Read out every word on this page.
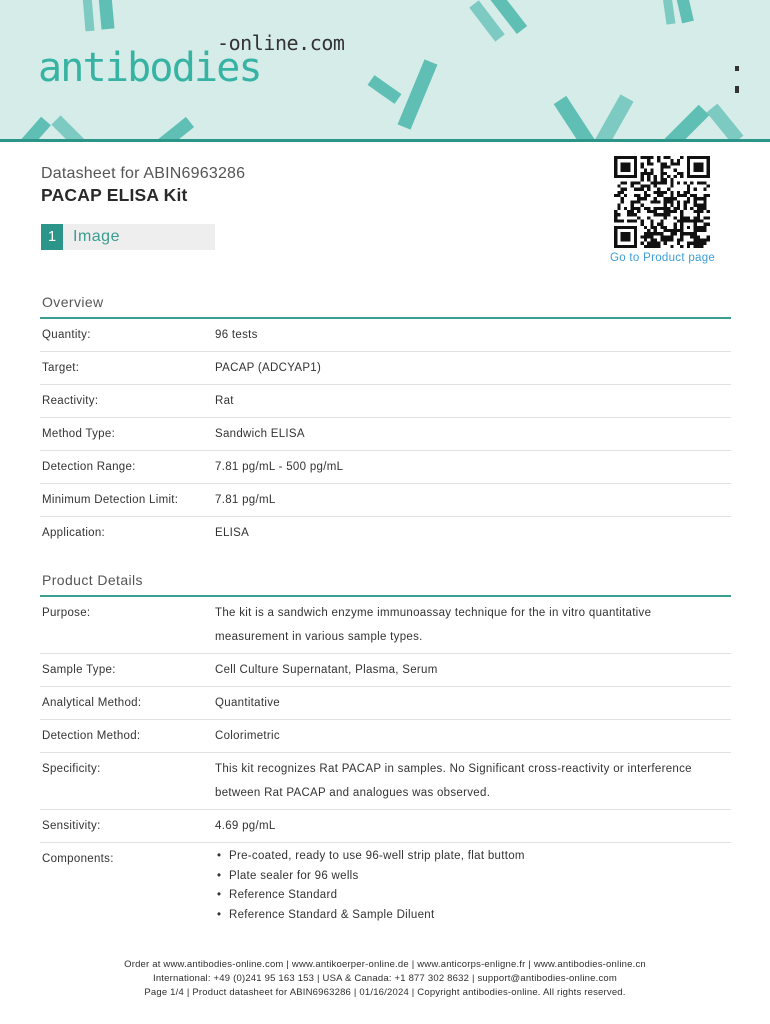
antibodies
-online.com
Datasheet for ABIN6963286
PACAP ELISA Kit
1	Image
Go to Product page
Overview
Quantity:	96 tests
Target:	PACAP (ADCYAP1)
Reactivity:	Rat
Method Type:	Sandwich ELISA
Detection Range:	7.81 pg/mL - 500 pg/mL
Minimum Detection Limit:	7.81 pg/mL
Application:	ELISA
Product Details
Purpose:	The kit is a sandwich enzyme immunoassay technique for the in vitro quantitative measurement in various sample types.
Sample Type:	Cell Culture Supernatant, Plasma, Serum
Analytical Method:	Quantitative
Detection Method:	Colorimetric
Specificity:	This kit recognizes Rat PACAP in samples. No Significant cross-reactivity or interference between Rat PACAP and analogues was observed.
Sensitivity:	4.69 pg/mL
Components:
•	Pre-coated, ready to use 96-well strip plate, flat buttom
• Plate sealer for 96 wells
• Reference Standard
• Reference Standard & Sample Diluent
Order at www.antibodies-online.com | www.antikoerper-online.de | www.anticorps-enligne.fr | www.antibodies-online.cn
International: +49 (0)241 95 163 153 | USA & Canada: +1 877 302 8632 | support@antibodies-online.com
Page 1/4 | Product datasheet for ABIN6963286 | 01/16/2024 | Copyright antibodies-online. All rights reserved.
